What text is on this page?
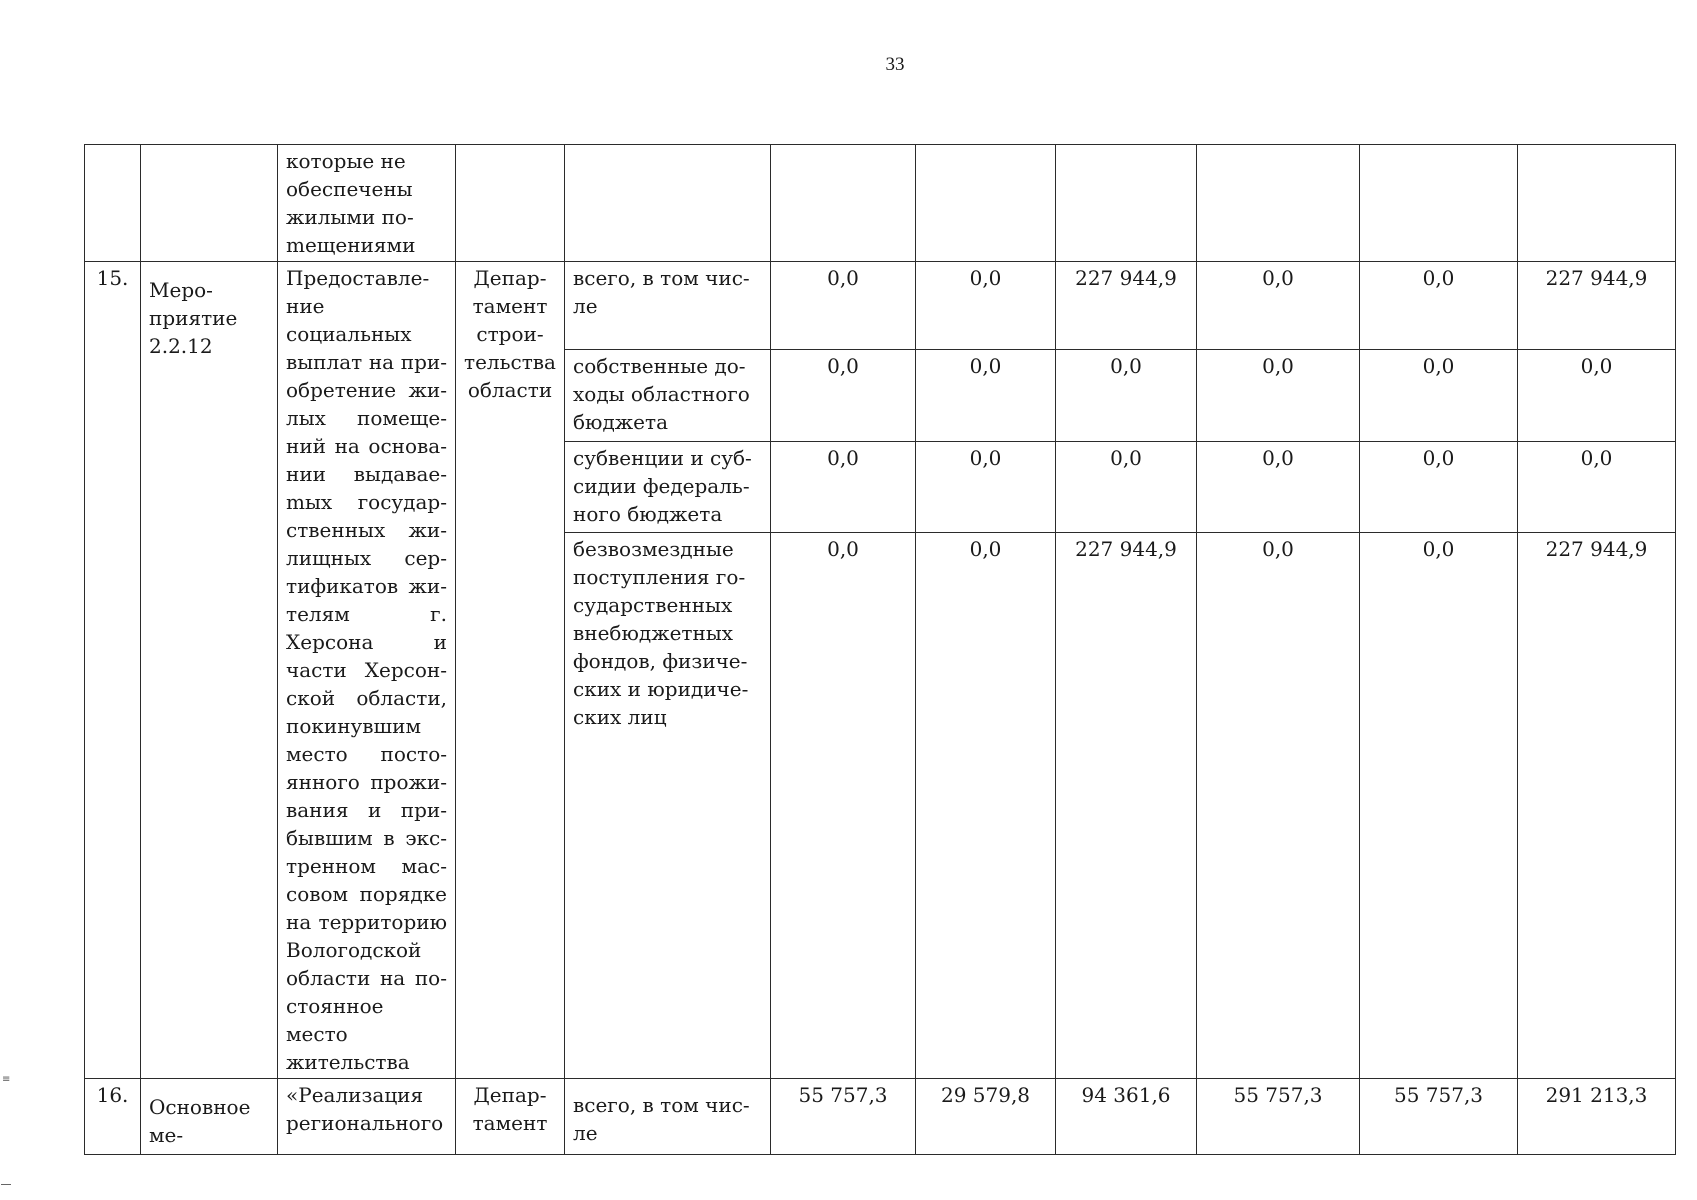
33
		которые не обеспечены жилыми поmещениями								
15.	Мероприятие 2.2.12	Предоставление социальных выплат на приобретение жилых помещений на основании выдаваеmых государственных жилищных сертификатов жителям г. Херсона и части Херсонской области, покинувшим место постоянного проживания и прибывшим в экстренном массовом порядке на территорию Вологодской области на постоянное место жительства	Департамент строительства области	всего, в том числе	0,0	0,0	227 944,9	0,0	0,0	227 944,9
				собственные доходы областного бюджета	0,0	0,0	0,0	0,0	0,0	0,0
				субвенции и субсидии федерального бюджета	0,0	0,0	0,0	0,0	0,0	0,0
				безвозмездные поступления государственных внебюджетных фондов, физических и юридических лиц	0,0	0,0	227 944,9	0,0	0,0	227 944,9
16.	Основное ме-	«Реализация регионального	Департамент	всего, в том числе	55 757,3	29 579,8	94 361,6	55 757,3	55 757,3	291 213,3
≡
